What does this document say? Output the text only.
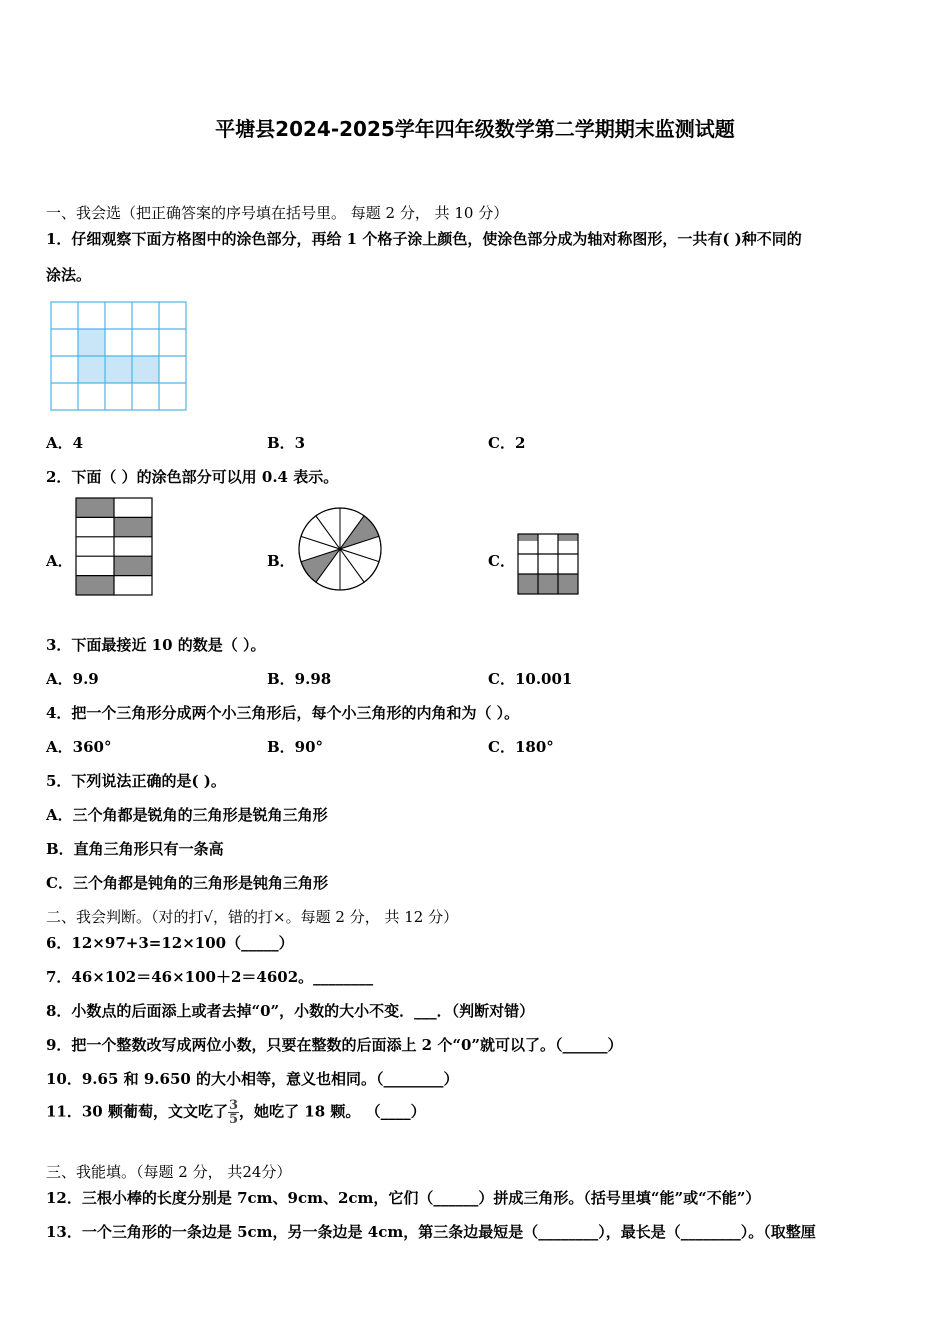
平塘县2024-2025学年四年级数学第二学期期末监测试题
一、我会选（把正确答案的序号填在括号里。 每题 2 分， 共 10 分）
1．仔细观察下面方格图中的涂色部分，再给 1 个格子涂上颜色，使涂色部分成为轴对称图形，一共有( )种不同的
涂法。
A．4	B．3	C．2
2．下面（ ）的涂色部分可以用 0.4 表示。
A．	B．	C．
3．下面最接近 10 的数是（ ）。
A．9.9	B．9.98	C．10.001
4．把一个三角形分成两个小三角形后，每个小三角形的内角和为（ ）。
A．360°	B．90°	C．180°
5．下列说法正确的是( )。
A．三个角都是锐角的三角形是锐角三角形
B．直角三角形只有一条高
C．三个角都是钝角的三角形是钝角三角形
二、我会判断。（对的打√，错的打×。每题 2 分， 共 12 分）
6．12×97+3=12×100（_____）
7．46×102＝46×100＋2＝4602。________
8．小数点的后面添上或者去掉“0”，小数的大小不变．___．（判断对错）
9．把一个整数改写成两位小数，只要在整数的后面添上 2 个“0”就可以了。（______）
10．9.65 和 9.650 的大小相等，意义也相同。（________）
11．30 颗葡萄，文文吃了 $\frac{3}{5}$ ，她吃了 18 颗。 （____）
三、我能填。（每题 2 分， 共24分）
12．三根小棒的长度分别是 7cm、9cm、2cm，它们（______）拼成三角形。（括号里填“能”或“不能”）
13．一个三角形的一条边是 5cm，另一条边是 4cm，第三条边最短是（________），最长是（________）。（取整厘
